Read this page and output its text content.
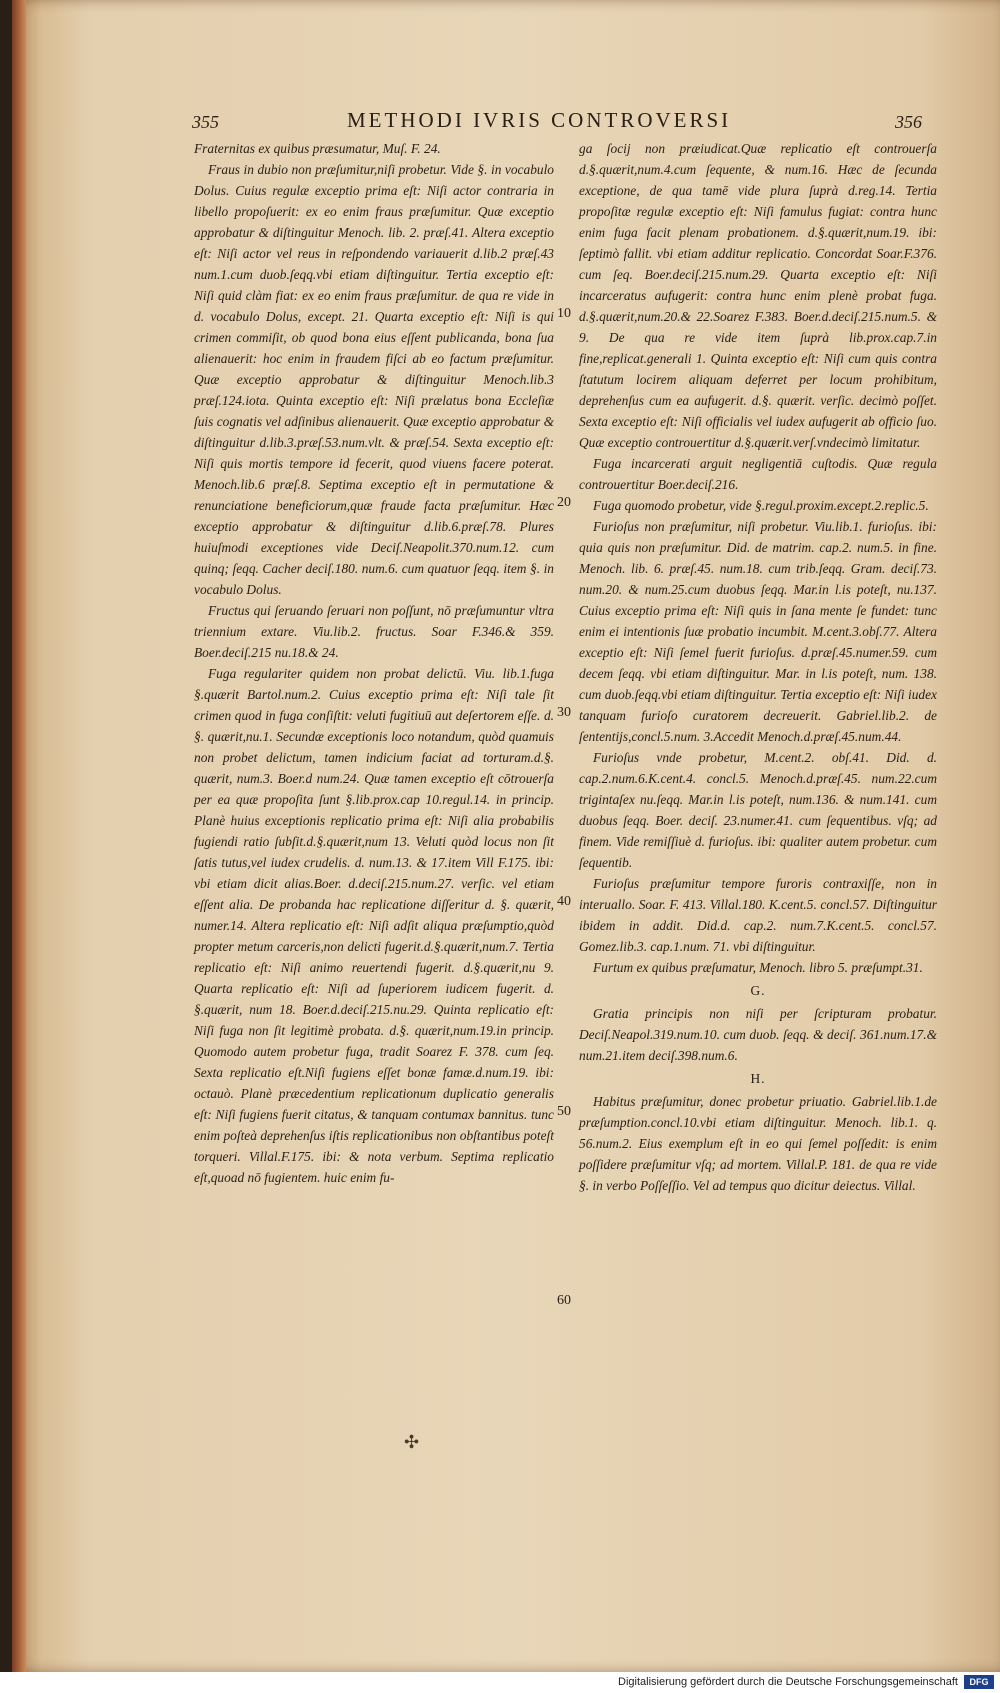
355	METHODI IVRIS CONTROVERSI	356

Fraternitas ex quibus præsumatur, Muſ. F. 24.

Fraus in dubio non præſumitur,niſi probetur. Vide §. in vocabulo Dolus. Cuius regulæ exceptio prima eſt: Niſi actor contraria in libello propoſuerit: ex eo enim fraus præſumitur. Quæ exceptio approbatur & diſtinguitur Menoch. lib. 2. præſ.41. Altera exceptio eſt: Niſi actor vel reus in reſpondendo variauerit d.lib.2 præſ.43 num.1.cum duob.ſeqq.vbi etiam diſtinguitur. Tertia exceptio eſt: Niſi quid clàm fiat: ex eo enim fraus præſumitur. de qua re vide in d. vocabulo Dolus, except. 21. Quarta exceptio eſt: Niſi is qui crimen commiſit, ob quod bona eius eſſent publicanda, bona ſua alienauerit: hoc enim in fraudem fiſci ab eo factum præſumitur. Quæ exceptio approbatur & diſtinguitur Menoch.lib.3 præſ.124.iota. Quinta exceptio eſt: Niſi prælatus bona Eccleſiæ ſuis cognatis vel adſinibus alienauerit. Quæ exceptio approbatur & diſtinguitur d.lib.3.præſ.53.num.vlt. & præſ.54. Sexta exceptio eſt: Niſi quis mortis tempore id fecerit, quod viuens facere poterat. Menoch.lib.6 præſ.8. Septima exceptio eſt in permutatione & renunciatione beneficiorum,quæ fraude facta præſumitur. Hæc exceptio approbatur & diſtinguitur d.lib.6.præſ.78. Plures huiuſmodi exceptiones vide Deciſ.Neapolit.370.num.12. cum quinq; ſeqq. Cacher deciſ.180. num.6. cum quatuor ſeqq. item §. in vocabulo Dolus.

Fructus qui ſeruando ſeruari non poſſunt, nō præſumuntur vltra triennium extare. Viu.lib.2. fructus. Soar F.346.& 359. Boer.deciſ.215 nu.18.& 24.

Fuga regulariter quidem non probat delictū. Viu. lib.1.fuga §.quærit Bartol.num.2. Cuius exceptio prima eſt: Niſi tale ſit crimen quod in fuga conſiſtit: veluti fugitiuū aut deſertorem eſſe. d. §. quærit,nu.1. Secundæ exceptionis loco notandum, quòd quamuis non probet delictum, tamen indicium faciat ad torturam.d.§. quærit, num.3. Boer.d num.24. Quæ tamen exceptio eſt cōtrouerſa per ea quæ propoſita ſunt §.lib.prox.cap 10.regul.14. in princip. Planè huius exceptionis replicatio prima eſt: Niſi alia probabilis fugiendi ratio ſubſit.d.§.quærit,num 13. Veluti quòd locus non ſit ſatis tutus,vel iudex crudelis. d. num.13. & 17.item Vill F.175. ibi: vbi etiam dicit alias.Boer. d.deciſ.215.num.27. verſic. vel etiam eſſent alia. De probanda hac replicatione diſſeritur d. §. quærit, numer.14. Altera replicatio eſt: Niſi adſit aliqua præſumptio,quòd propter metum carceris,non delicti fugerit.d.§.quærit,num.7. Tertia replicatio eſt: Niſi animo reuertendi fugerit. d.§.quærit,nu 9. Quarta replicatio eſt: Niſi ad ſuperiorem iudicem fugerit. d. §.quærit, num 18. Boer.d.deciſ.215.nu.29. Quinta replicatio eſt: Niſi fuga non ſit legitimè probata. d.§. quærit,num.19.in princip. Quomodo autem probetur fuga, tradit Soarez F. 378. cum ſeq. Sexta replicatio eſt.Niſi fugiens eſſet bonæ famæ.d.num.19. ibi: octauò. Planè præcedentium replicationum duplicatio generalis eſt: Niſi fugiens fuerit citatus, & tanquam contumax bannitus. tunc enim poſteà deprehenſus iſtis replicationibus non obſtantibus poteſt torqueri. Villal.F.175. ibi: & nota verbum. Septima replicatio eſt,quoad nō fugientem. huic enim fu-

10
20
30
40
50
60

ga ſocij non præiudicat.Quæ replicatio eſt controuerſa d.§.quærit,num.4.cum ſequente, & num.16. Hæc de ſecunda exceptione, de qua tamē vide plura ſuprà d.reg.14. Tertia propoſitæ regulæ exceptio eſt: Niſi famulus fugiat: contra hunc enim fuga facit plenam probationem. d.§.quærit,num.19. ibi: ſeptimò fallit. vbi etiam additur replicatio. Concordat Soar.F.376. cum ſeq. Boer.deciſ.215.num.29. Quarta exceptio eſt: Niſi incarceratus aufugerit: contra hunc enim plenè probat fuga. d.§.quærit,num.20.& 22.Soarez F.383. Boer.d.deciſ.215.num.5. & 9. De qua re vide item ſuprà lib.prox.cap.7.in fine,replicat.generali 1. Quinta exceptio eſt: Niſi cum quis contra ſtatutum locirem aliquam deferret per locum prohibitum, deprehenſus cum ea aufugerit. d.§. quærit. verſic. decimò poſſet. Sexta exceptio eſt: Niſi officialis vel iudex aufugerit ab officio ſuo. Quæ exceptio controuertitur d.§.quærit.verſ.vndecimò limitatur.

Fuga incarcerati arguit negligentiā cuſtodis. Quæ regula controuertitur Boer.deciſ.216.

Fuga quomodo probetur, vide §.regul.proxim.except.2.replic.5.

Furioſus non præſumitur, niſi probetur. Viu.lib.1. furioſus. ibi: quia quis non præſumitur. Did. de matrim. cap.2. num.5. in fine. Menoch. lib. 6. præſ.45. num.18. cum trib.ſeqq. Gram. deciſ.73. num.20. & num.25.cum duobus ſeqq. Mar.in l.is poteſt, nu.137. Cuius exceptio prima eſt: Niſi quis in ſana mente ſe fundet: tunc enim ei intentionis ſuæ probatio incumbit. M.cent.3.obſ.77. Altera exceptio eſt: Niſi ſemel fuerit furioſus. d.præſ.45.numer.59. cum decem ſeqq. vbi etiam diſtinguitur. Mar. in l.is poteſt, num. 138. cum duob.ſeqq.vbi etiam diſtinguitur. Tertia exceptio eſt: Niſi iudex tanquam furioſo curatorem decreuerit. Gabriel.lib.2. de ſententijs,concl.5.num. 3.Accedit Menoch.d.præſ.45.num.44.

Furioſus vnde probetur, M.cent.2. obſ.41. Did. d. cap.2.num.6.K.cent.4. concl.5. Menoch.d.præſ.45. num.22.cum trigintaſex nu.ſeqq. Mar.in l.is poteſt, num.136. & num.141. cum duobus ſeqq. Boer. deciſ. 23.numer.41. cum ſequentibus. vſq; ad finem. Vide remiſſiuè d. furioſus. ibi: qualiter autem probetur. cum ſequentib.

Furioſus præſumitur tempore furoris contraxiſſe, non in interuallo. Soar. F. 413. Villal.180. K.cent.5. concl.57. Diſtinguitur ibidem in addit. Did.d. cap.2. num.7.K.cent.5. concl.57. Gomez.lib.3. cap.1.num. 71. vbi diſtinguitur.

Furtum ex quibus præſumatur, Menoch. libro 5. præſumpt.31.

G.

Gratia principis non niſi per ſcripturam probatur. Deciſ.Neapol.319.num.10. cum duob. ſeqq. & deciſ. 361.num.17.& num.21.item deciſ.398.num.6.

H.

Habitus præſumitur, donec probetur priuatio. Gabriel.lib.1.de præſumption.concl.10.vbi etiam diſtinguitur. Menoch. lib.1. q. 56.num.2. Eius exemplum eſt in eo qui ſemel poſſedit: is enim poſſidere præſumitur vſq; ad mortem. Villal.P. 181. de qua re vide §. in verbo Poſſeſſio. Vel ad tempus quo dicitur deiectus. Villal.

✣
Digitalisierung gefördert durch die Deutsche Forschungsgemeinschaft	DFG
